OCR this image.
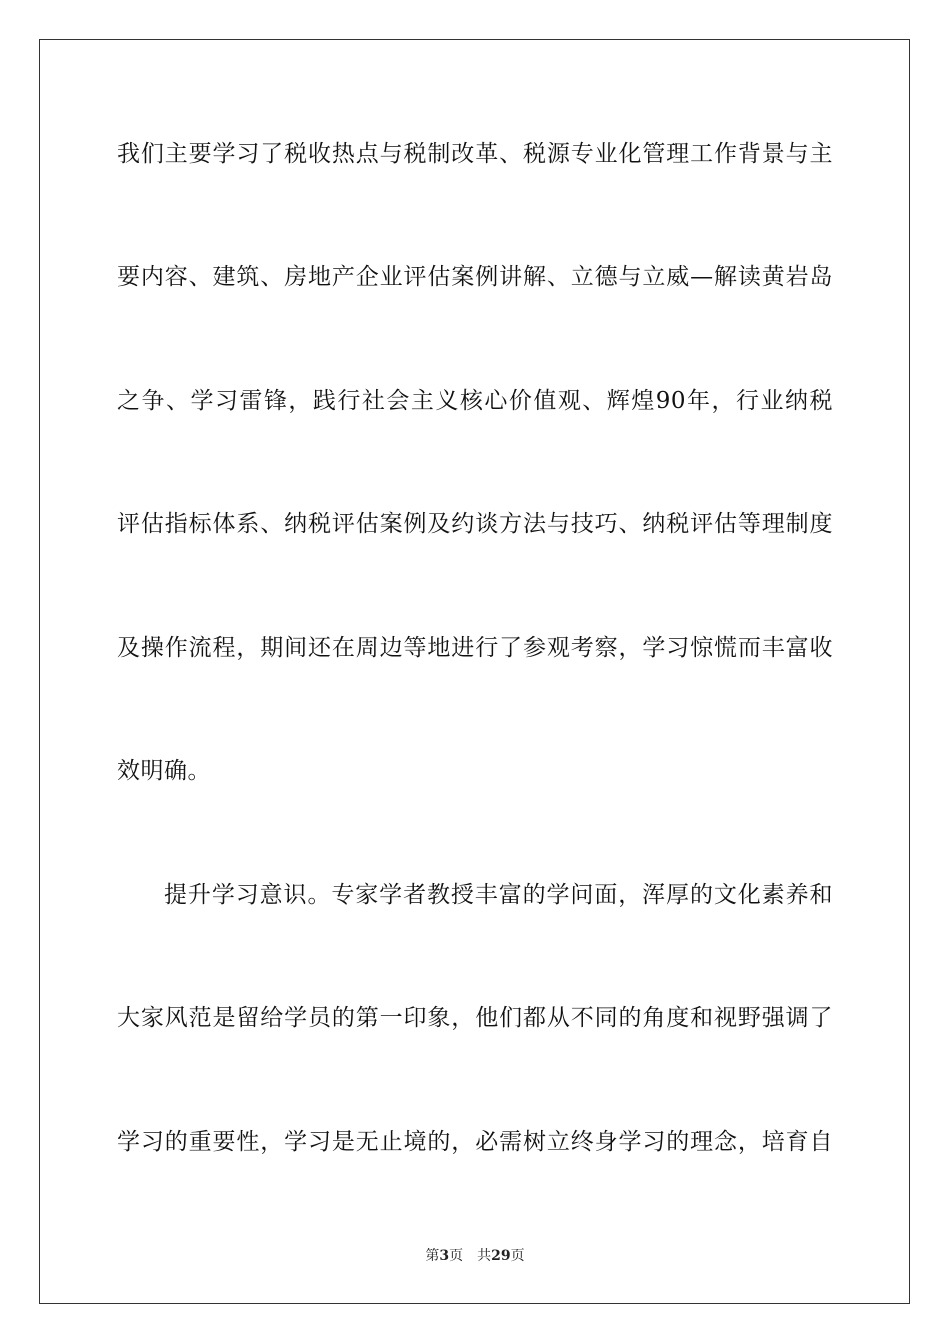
我们主要学习了税收热点与税制改革、税源专业化管理工作背景与主
要内容、建筑、房地产企业评估案例讲解、立德与立威—解读黄岩岛
之争、学习雷锋，践行社会主义核心价值观、辉煌90年，行业纳税
评估指标体系、纳税评估案例及约谈方法与技巧、纳税评估等理制度
及操作流程，期间还在周边等地进行了参观考察，学习惊慌而丰富收
效明确。
提升学习意识。专家学者教授丰富的学问面，浑厚的文化素养和
大家风范是留给学员的第一印象，他们都从不同的角度和视野强调了
学习的重要性，学习是无止境的，必需树立终身学习的理念，培育自
第3页 共29页
